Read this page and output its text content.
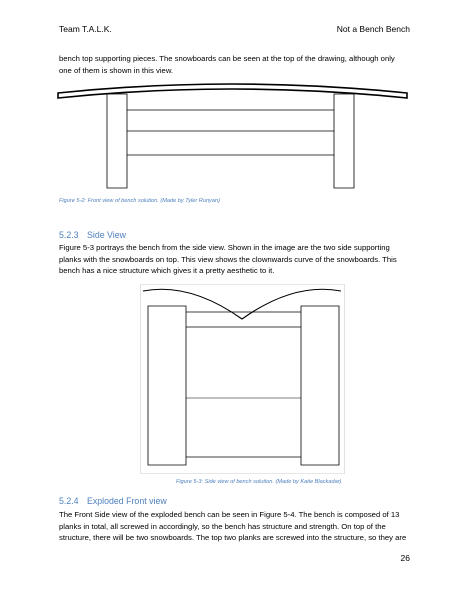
Team T.A.L.K.	Not a Bench Bench
bench top supporting pieces. The snowboards can be seen at the top of the drawing, although only one of them is shown in this view.
Figure 5-2: Front view of bench solution. (Made by Tyler Runyan)
5.2.3 Side View
Figure 5-3 portrays the bench from the side view. Shown in the image are the two side supporting planks with the snowboards on top. This view shows the clownwards curve of the snowboards. This bench has a nice structure which gives it a pretty aesthetic to it.
Figure 5-3: Side view of bench solution. (Made by Katie Blackadar)
5.2.4 Exploded Front view
The Front Side view of the exploded bench can be seen in Figure 5-4. The bench is composed of 13 planks in total, all screwed in accordingly, so the bench has structure and strength. On top of the structure, there will be two snowboards. The top two planks are screwed into the structure, so they are
26
